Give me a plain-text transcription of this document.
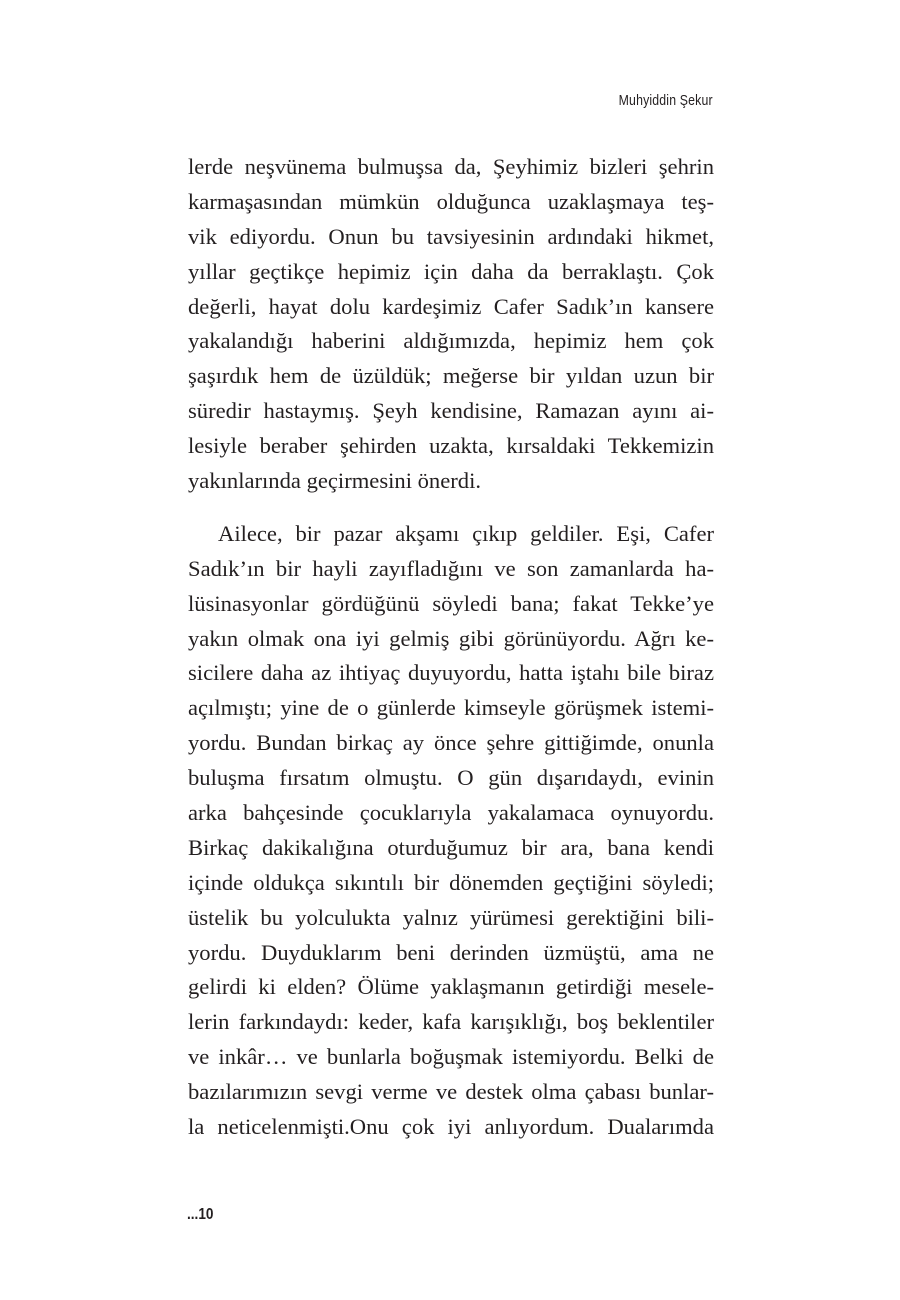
Muhyiddin Şekur
lerde neşvünema bulmuşsa da, Şeyhimiz bizleri şehrin
karmaşasından mümkün olduğunca uzaklaşmaya teş-
vik ediyordu. Onun bu tavsiyesinin ardındaki hikmet,
yıllar geçtikçe hepimiz için daha da berraklaştı. Çok
değerli, hayat dolu kardeşimiz Cafer Sadık’ın kansere
yakalandığı haberini aldığımızda, hepimiz hem çok
şaşırdık hem de üzüldük; meğerse bir yıldan uzun bir
süredir hastaymış. Şeyh kendisine, Ramazan ayını ai-
lesiyle beraber şehirden uzakta, kırsaldaki Tekkemizin
yakınlarında geçirmesini önerdi.
Ailece, bir pazar akşamı çıkıp geldiler. Eşi, Cafer
Sadık’ın bir hayli zayıfladığını ve son zamanlarda ha-
lüsinasyonlar gördüğünü söyledi bana; fakat Tekke’ye
yakın olmak ona iyi gelmiş gibi görünüyordu. Ağrı ke-
sicilere daha az ihtiyaç duyuyordu, hatta iştahı bile biraz
açılmıştı; yine de o günlerde kimseyle görüşmek istemi-
yordu. Bundan birkaç ay önce şehre gittiğimde, onunla
buluşma fırsatım olmuştu. O gün dışarıdaydı, evinin
arka bahçesinde çocuklarıyla yakalamaca oynuyordu.
Birkaç dakikalığına oturduğumuz bir ara, bana kendi
içinde oldukça sıkıntılı bir dönemden geçtiğini söyledi;
üstelik bu yolculukta yalnız yürümesi gerektiğini bili-
yordu. Duyduklarım beni derinden üzmüştü, ama ne
gelirdi ki elden? Ölüme yaklaşmanın getirdiği mesele-
lerin farkındaydı: keder, kafa karışıklığı, boş beklentiler
ve inkâr… ve bunlarla boğuşmak istemiyordu. Belki de
bazılarımızın sevgi verme ve destek olma çabası bunlar-
la neticelenmişti.Onu çok iyi anlıyordum. Dualarımda
...10
